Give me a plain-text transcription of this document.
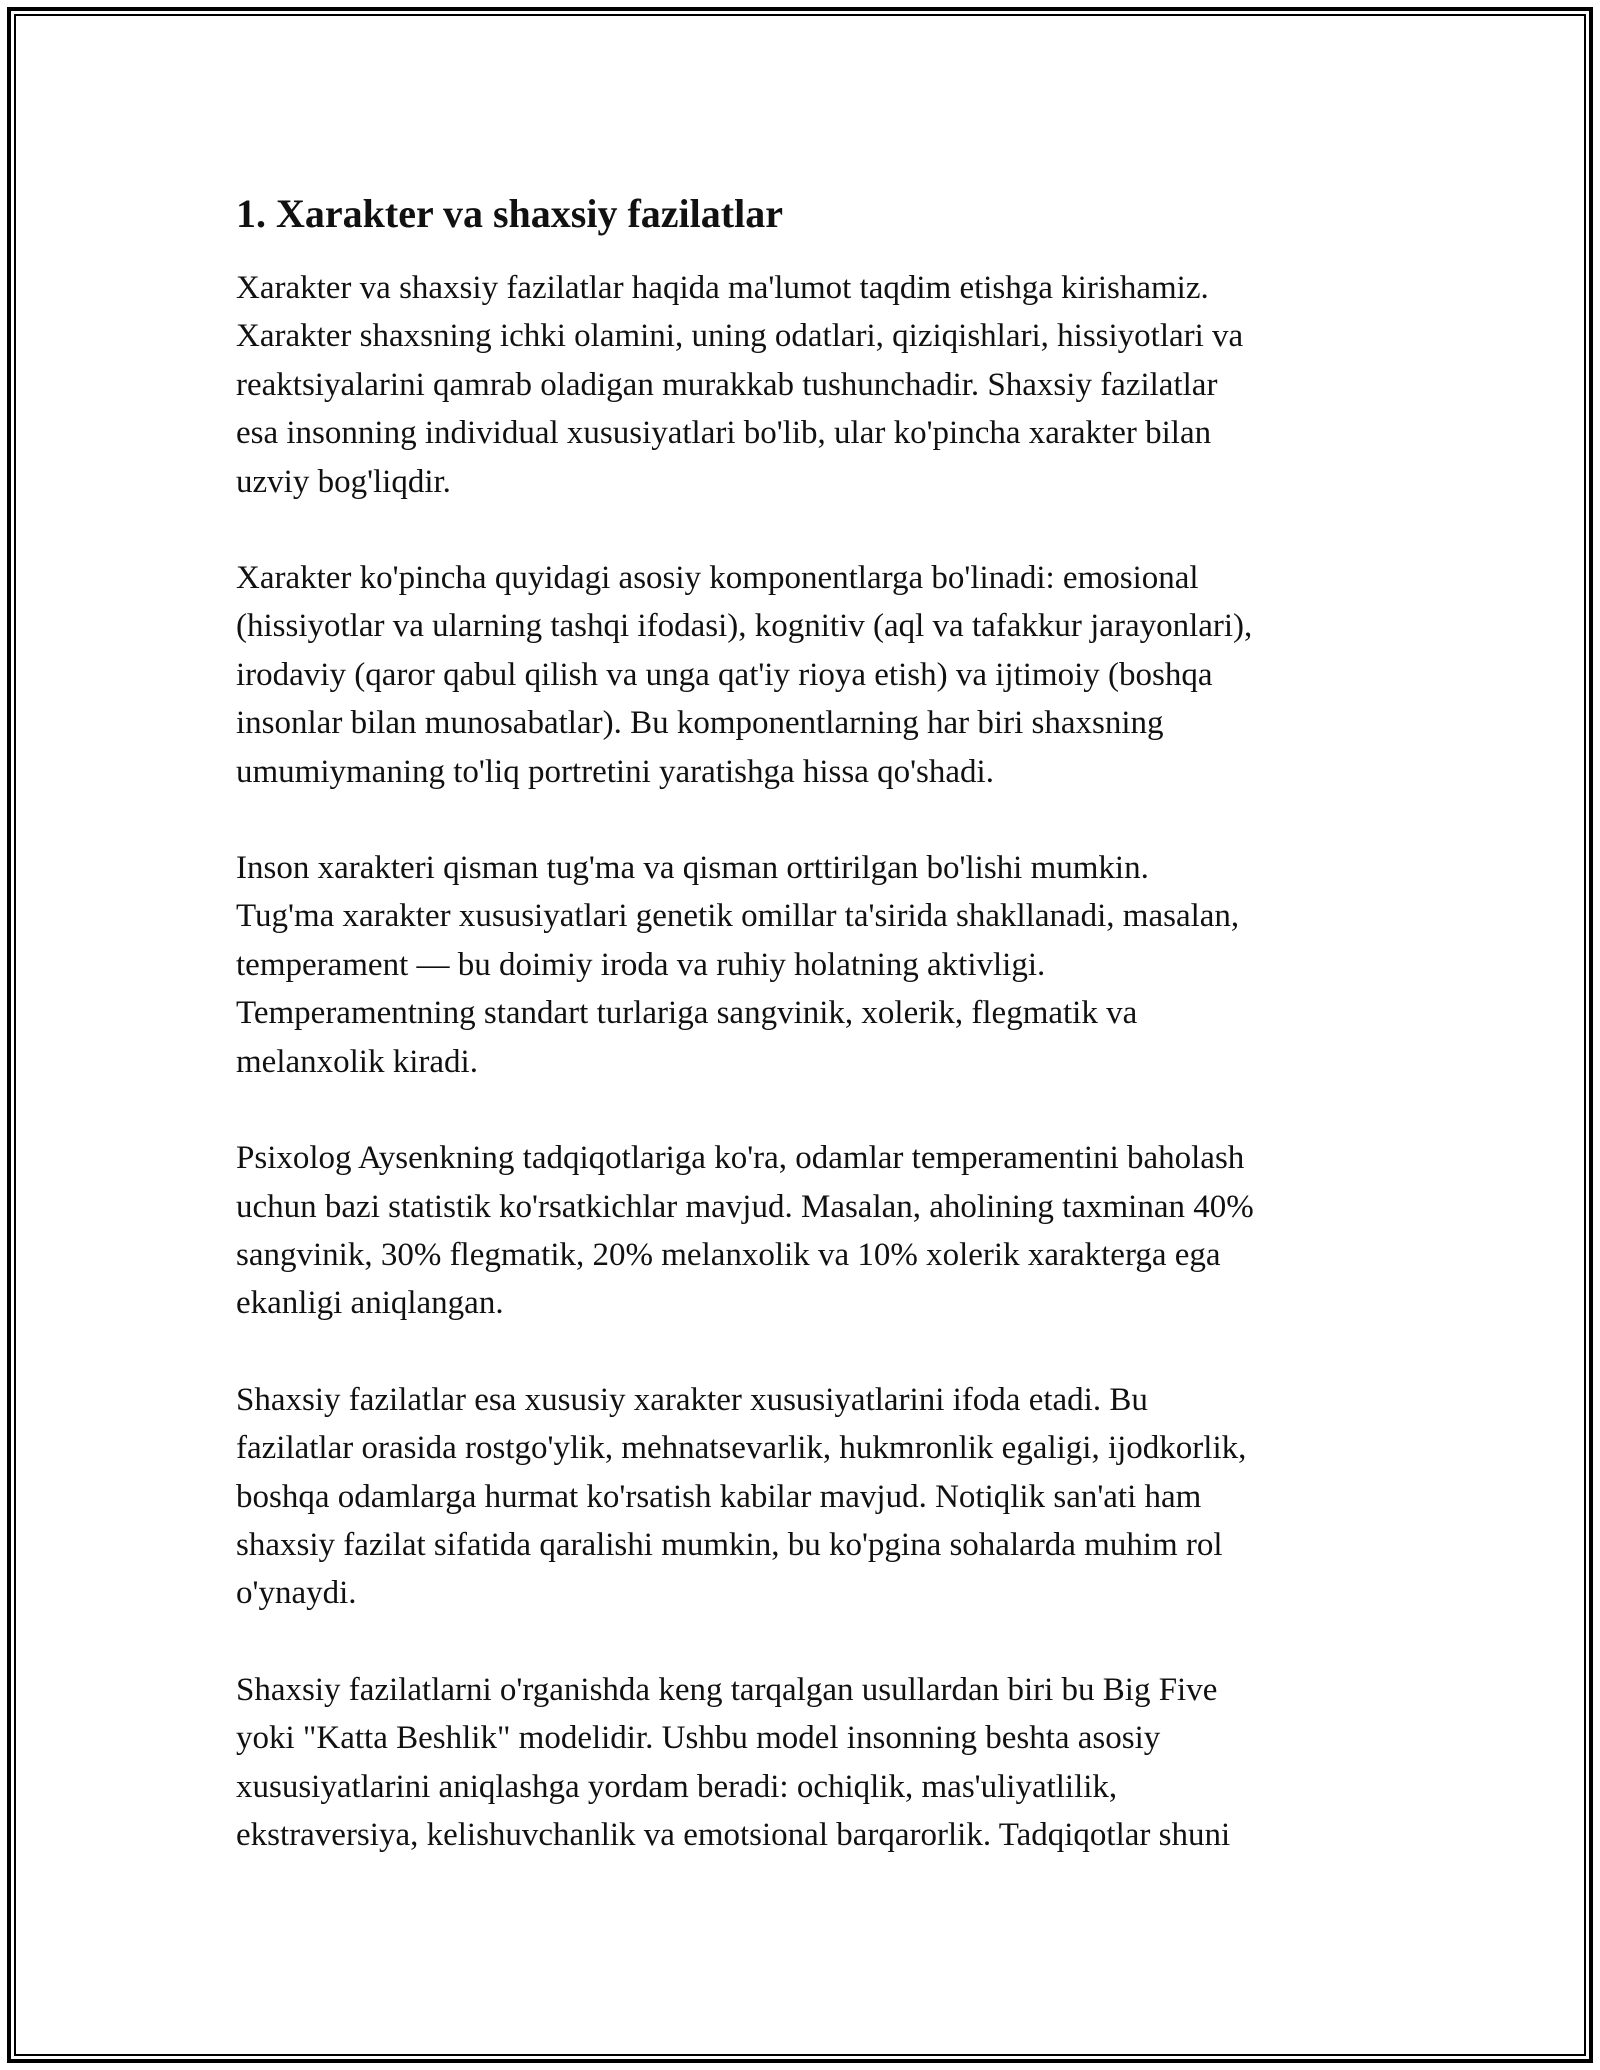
1. Xarakter va shaxsiy fazilatlar

Xarakter va shaxsiy fazilatlar haqida ma'lumot taqdim etishga kirishamiz.
Xarakter shaxsning ichki olamini, uning odatlari, qiziqishlari, hissiyotlari va
reaktsiyalarini qamrab oladigan murakkab tushunchadir. Shaxsiy fazilatlar
esa insonning individual xususiyatlari bo'lib, ular ko'pincha xarakter bilan
uzviy bog'liqdir.

Xarakter ko'pincha quyidagi asosiy komponentlarga bo'linadi: emosional
(hissiyotlar va ularning tashqi ifodasi), kognitiv (aql va tafakkur jarayonlari),
irodaviy (qaror qabul qilish va unga qat'iy rioya etish) va ijtimoiy (boshqa
insonlar bilan munosabatlar). Bu komponentlarning har biri shaxsning
umumiymaning to'liq portretini yaratishga hissa qo'shadi.

Inson xarakteri qisman tug'ma va qisman orttirilgan bo'lishi mumkin.
Tug'ma xarakter xususiyatlari genetik omillar ta'sirida shakllanadi, masalan,
temperament — bu doimiy iroda va ruhiy holatning aktivligi.
Temperamentning standart turlariga sangvinik, xolerik, flegmatik va
melanxolik kiradi.

Psixolog Aysenkning tadqiqotlariga ko'ra, odamlar temperamentini baholash
uchun bazi statistik ko'rsatkichlar mavjud. Masalan, aholining taxminan 40%
sangvinik, 30% flegmatik, 20% melanxolik va 10% xolerik xarakterga ega
ekanligi aniqlangan.

Shaxsiy fazilatlar esa xususiy xarakter xususiyatlarini ifoda etadi. Bu
fazilatlar orasida rostgo'ylik, mehnatsevarlik, hukmronlik egaligi, ijodkorlik,
boshqa odamlarga hurmat ko'rsatish kabilar mavjud. Notiqlik san'ati ham
shaxsiy fazilat sifatida qaralishi mumkin, bu ko'pgina sohalarda muhim rol
o'ynaydi.

Shaxsiy fazilatlarni o'rganishda keng tarqalgan usullardan biri bu Big Five
yoki "Katta Beshlik" modelidir. Ushbu model insonning beshta asosiy
xususiyatlarini aniqlashga yordam beradi: ochiqlik, mas'uliyatlilik,
ekstraversiya, kelishuvchanlik va emotsional barqarorlik. Tadqiqotlar shuni
